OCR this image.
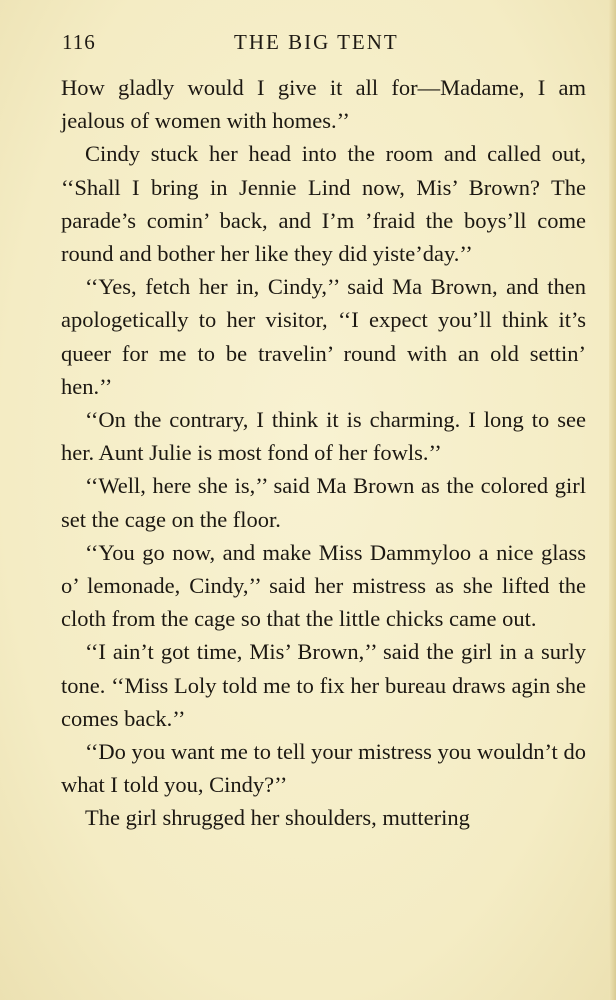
116	THE BIG TENT

How gladly would I give it all for—Madame, I am jealous of women with homes.’’

Cindy stuck her head into the room and called out, ‘‘Shall I bring in Jennie Lind now, Mis’ Brown? The parade’s comin’ back, and I’m ’fraid the boys’ll come round and bother her like they did yiste’day.’’

‘‘Yes, fetch her in, Cindy,’’ said Ma Brown, and then apologetically to her visitor, ‘‘I expect you’ll think it’s queer for me to be travelin’ round with an old settin’ hen.’’

‘‘On the contrary, I think it is charming. I long to see her. Aunt Julie is most fond of her fowls.’’

‘‘Well, here she is,’’ said Ma Brown as the colored girl set the cage on the floor.

‘‘You go now, and make Miss Dammyloo a nice glass o’ lemonade, Cindy,’’ said her mistress as she lifted the cloth from the cage so that the little chicks came out.

‘‘I ain’t got time, Mis’ Brown,’’ said the girl in a surly tone. ‘‘Miss Loly told me to fix her bureau draws agin she comes back.’’

‘‘Do you want me to tell your mistress you wouldn’t do what I told you, Cindy?’’

The girl shrugged her shoulders, muttering
